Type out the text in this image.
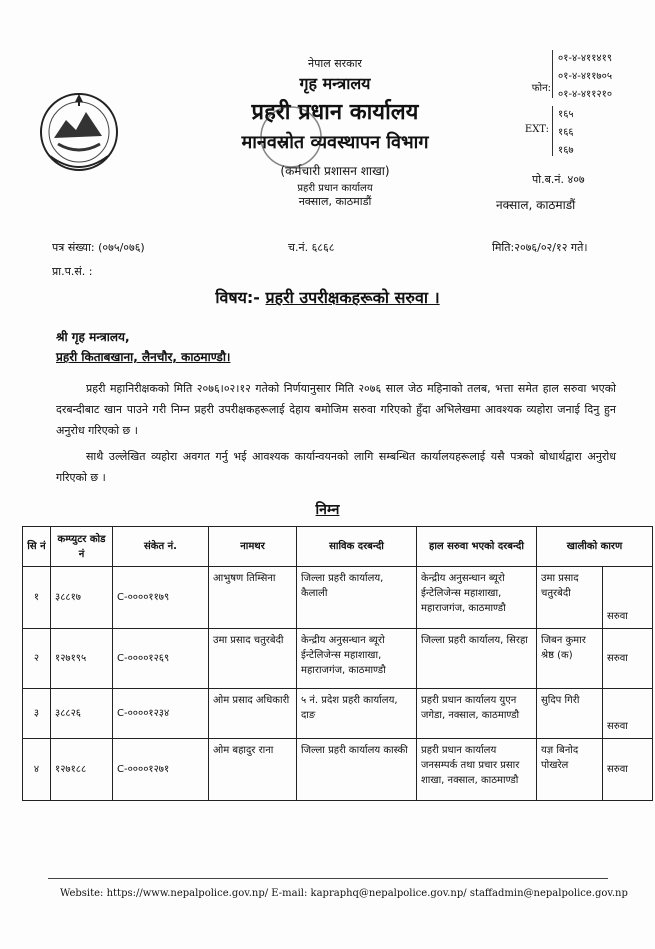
नेपाल सरकार
गृह मन्त्रालय
प्रहरी प्रधान कार्यालय
मानवस्रोत व्यवस्थापन विभाग
(कर्मचारी प्रशासन शाखा)
प्रहरी प्रधान कार्यालय
नक्साल, काठमाडौं
फोन:
०१-४-४११४१९
०१-४-४११७०५
०१-४-४११२१०
EXT:
१६५
१६६
१६७
पो.ब.नं. ४०७
नक्साल, काठमाडौं
पत्र संख्या: (०७५/०७६)	च.नं. ६८६८	मिति:२०७६/०२/१२ गते।
प्रा.प.सं. :
विषय:- प्रहरी उपरीक्षकहरूको सरुवा ।
श्री गृह मन्त्रालय,
प्रहरी किताबखाना, लैनचौर, काठमाण्डौ।
प्रहरी महानिरीक्षकको मिति २०७६।०२।१२ गतेको निर्णयानुसार मिति २०७६ साल जेठ महिनाको तलब, भत्ता समेत हाल सरुवा भएको दरबन्दीबाट खान पाउने गरी निम्न प्रहरी उपरीक्षकहरूलाई देहाय बमोजिम सरुवा गरिएको हुँदा अभिलेखमा आवश्यक व्यहोरा जनाई दिनु हुन अनुरोध गरिएको छ ।
साथै उल्लेखित व्यहोरा अवगत गर्नु भई आवश्यक कार्यान्वयनको लागि सम्बन्धित कार्यालयहरूलाई यसै पत्रको बोधार्थद्वारा अनुरोध गरिएको छ ।
निम्न
सि नं	कम्प्युटर कोड नं	संकेत नं.	नामथर	साविक दरबन्दी	हाल सरुवा भएको दरबन्दी	खालीको कारण	
१	३८८१७	C-००००११७९	आभुषण तिम्सिना	जिल्ला प्रहरी कार्यालय, कैलाली	केन्द्रीय अनुसन्धान ब्यूरो ईन्टेलिजेन्स महाशाखा, महाराजगंज, काठमाण्डौ	उमा प्रसाद चतुरबेदी	सरुवा
२	१२७१९५	C-००००१२६९	उमा प्रसाद चतुरबेदी	केन्द्रीय अनुसन्धान ब्यूरो ईन्टेलिजेन्स महाशाखा, महाराजगंज, काठमाण्डौ	जिल्ला प्रहरी कार्यालय, सिरहा	जिबन कुमार श्रेष्ठ (क)	सरुवा
३	३८८२६	C-००००१२३४	ओम प्रसाद अधिकारी	५ नं. प्रदेश प्रहरी कार्यालय, दाङ	प्रहरी प्रधान कार्यालय युएन जगेडा, नक्साल, काठमाण्डौ	सुदिप गिरी	सरुवा
४	१२७१८८	C-००००१२७१	ओम बहादुर राना	जिल्ला प्रहरी कार्यालय कास्की	प्रहरी प्रधान कार्यालय जनसम्पर्क तथा प्रचार प्रसार शाखा, नक्साल, काठमाण्डौ	यज्ञ बिनोद पोखरेल	सरुवा
Website: https://www.nepalpolice.gov.np/ E-mail: kapraphq@nepalpolice.gov.np/ staffadmin@nepalpolice.gov.np
